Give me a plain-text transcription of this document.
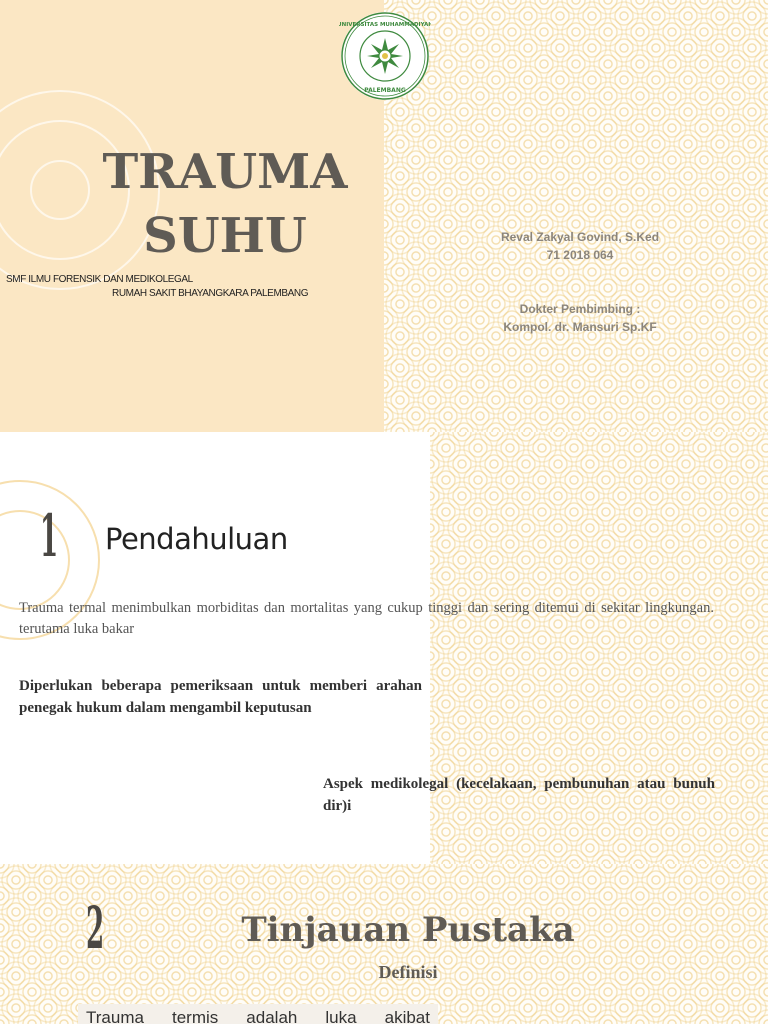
TRAUMA
SUHU
SMF ILMU FORENSIK DAN MEDIKOLEGAL
RUMAH SAKIT BHAYANGKARA PALEMBANG
UNIVERSITAS MUHAMMADIYAH
PALEMBANG
Reval Zakyal Govind, S.Ked
71 2018 064
Dokter Pembimbing :
Kompol. dr. Mansuri Sp.KF
1 Pendahuluan

Trauma termal menimbulkan morbiditas dan mortalitas yang cukup tinggi dan sering ditemui di sekitar lingkungan. terutama luka bakar

Diperlukan beberapa pemeriksaan untuk memberi arahan penegak hukum dalam mengambil keputusan

Aspek medikolegal (kecelakaan, pembunuhan atau bunuh dir)i

2	Tinjauan Pustaka
Definisi
Trauma termis adalah luka akibat
